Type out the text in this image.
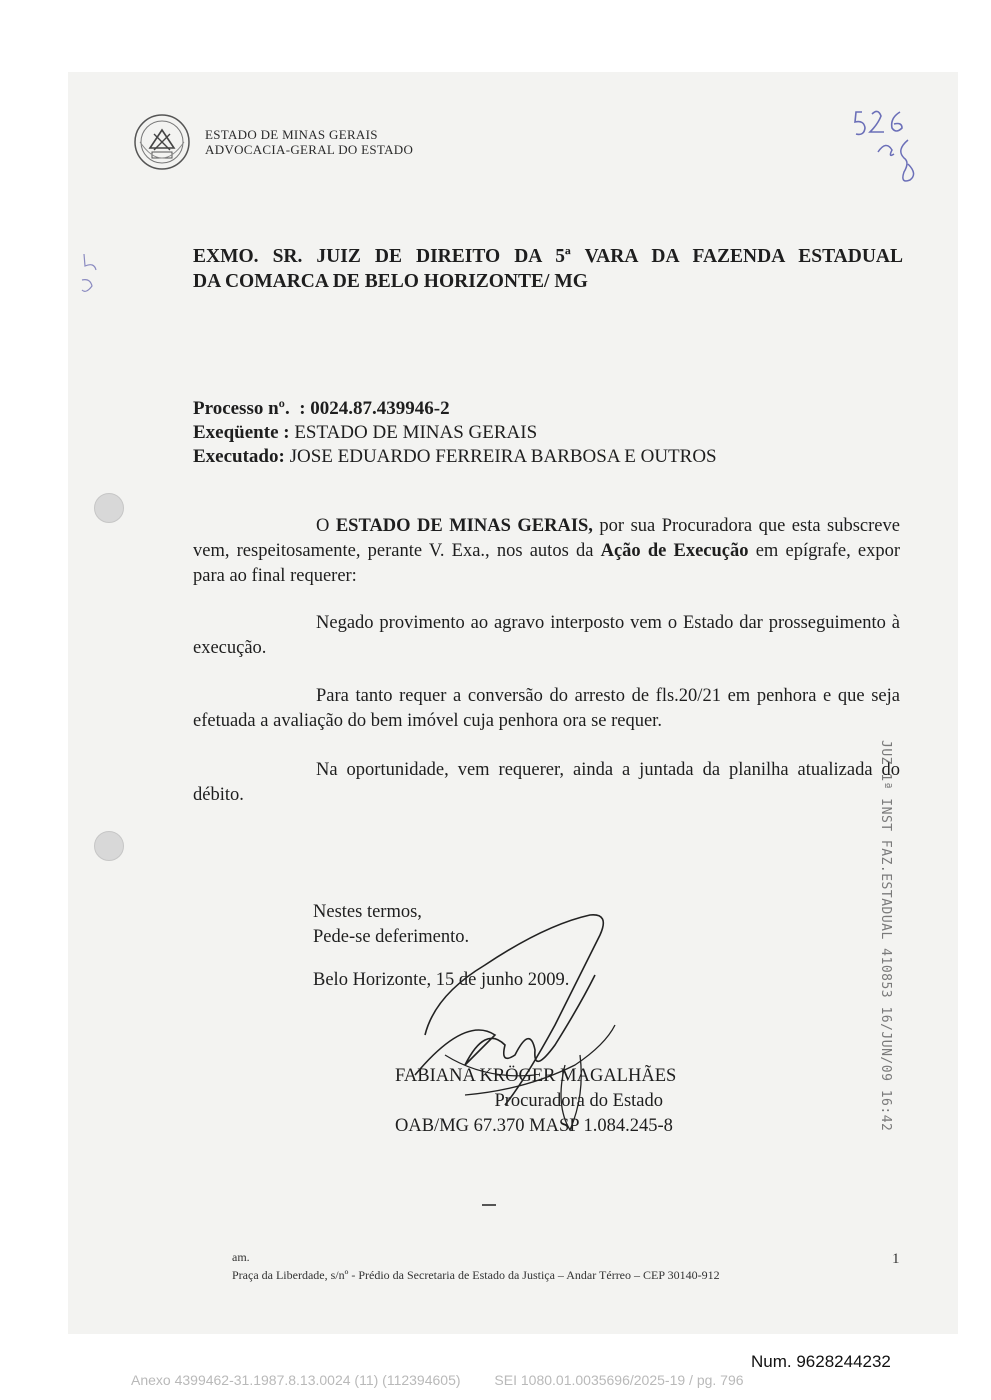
ESTADO DE MINAS GERAIS
ADVOCACIA-GERAL DO ESTADO
EXMO. SR. JUIZ DE DIREITO DA 5ª VARA DA FAZENDA ESTADUAL
DA COMARCA DE BELO HORIZONTE/ MG
Processo nº. : 0024.87.439946-2
Exeqüente : ESTADO DE MINAS GERAIS
Executado: JOSE EDUARDO FERREIRA BARBOSA E OUTROS
O ESTADO DE MINAS GERAIS, por sua Procuradora que esta subscreve vem, respeitosamente, perante V. Exa., nos autos da Ação de Execução em epígrafe, expor para ao final requerer:
Negado provimento ao agravo interposto vem o Estado dar prosseguimento à execução.
Para tanto requer a conversão do arresto de fls.20/21 em penhora e que seja efetuada a avaliação do bem imóvel cuja penhora ora se requer.
Na oportunidade, vem requerer, ainda a juntada da planilha atualizada do débito.
Nestes termos,
Pede-se deferimento.
Belo Horizonte, 15 de junho 2009.
FABIANA KRÖGER MAGALHÃES
Procuradora do Estado
OAB/MG 67.370 MASP 1.084.245-8	JUZ 1ª INST FAZ.ESTADUAL 410853 16/JUN/09 16:42
am.	1
Praça da Liberdade, s/nº - Prédio da Secretaria de Estado da Justiça – Andar Térreo – CEP 30140-912
Num. 9628244232
Anexo 4399462-31.1987.8.13.0024 (11) (112394605) SEI 1080.01.0035696/2025-19 / pg. 796
